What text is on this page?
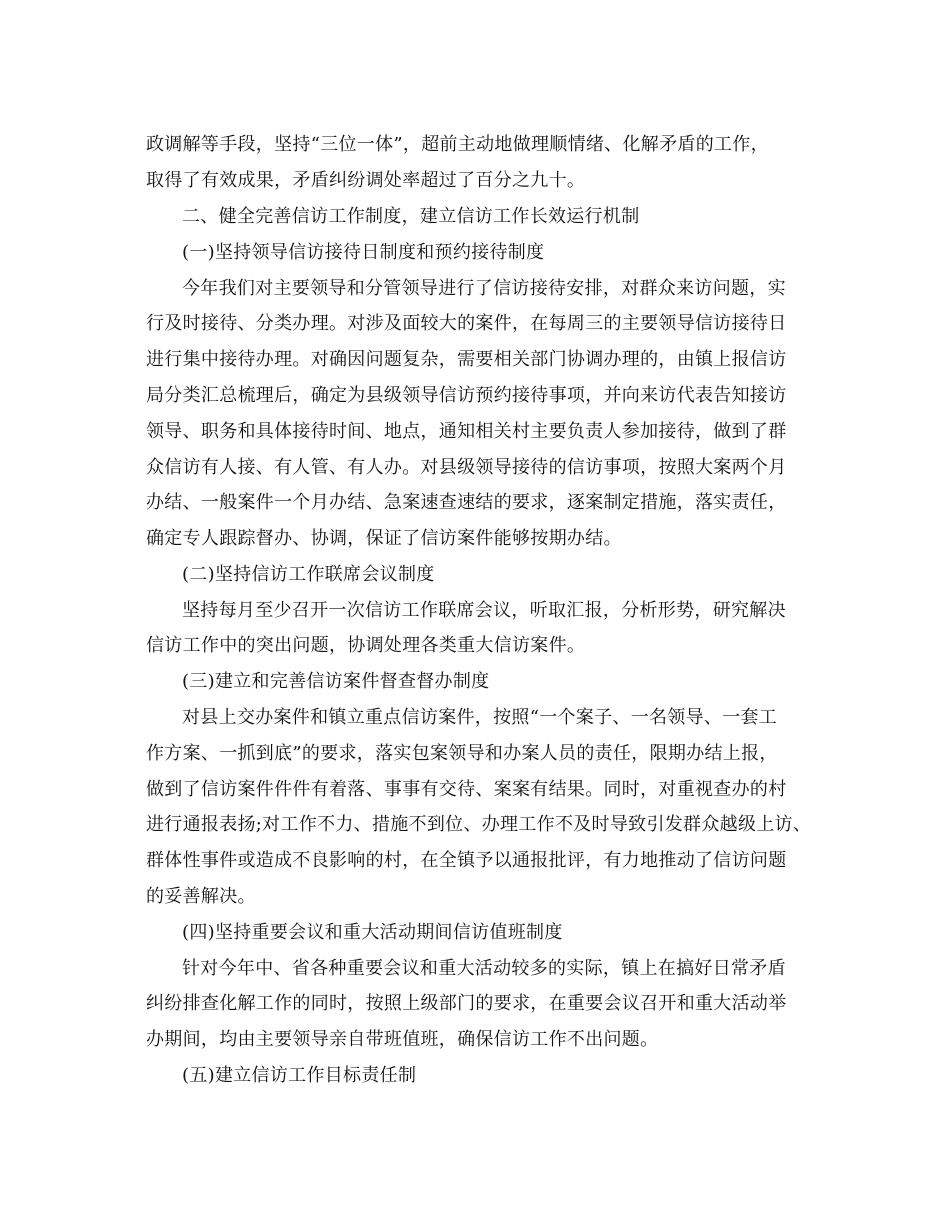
政调解等手段，坚持“三位一体”，超前主动地做理顺情绪、化解矛盾的工作，
取得了有效成果，矛盾纠纷调处率超过了百分之九十。
二、健全完善信访工作制度，建立信访工作长效运行机制
(一)坚持领导信访接待日制度和预约接待制度
今年我们对主要领导和分管领导进行了信访接待安排，对群众来访问题，实
行及时接待、分类办理。对涉及面较大的案件，在每周三的主要领导信访接待日
进行集中接待办理。对确因问题复杂，需要相关部门协调办理的，由镇上报信访
局分类汇总梳理后，确定为县级领导信访预约接待事项，并向来访代表告知接访
领导、职务和具体接待时间、地点，通知相关村主要负责人参加接待，做到了群
众信访有人接、有人管、有人办。对县级领导接待的信访事项，按照大案两个月
办结、一般案件一个月办结、急案速查速结的要求，逐案制定措施，落实责任，
确定专人跟踪督办、协调，保证了信访案件能够按期办结。
(二)坚持信访工作联席会议制度
坚持每月至少召开一次信访工作联席会议，听取汇报，分析形势，研究解决
信访工作中的突出问题，协调处理各类重大信访案件。
(三)建立和完善信访案件督查督办制度
对县上交办案件和镇立重点信访案件，按照“一个案子、一名领导、一套工
作方案、一抓到底”的要求，落实包案领导和办案人员的责任，限期办结上报，
做到了信访案件件件有着落、事事有交待、案案有结果。同时，对重视查办的村
进行通报表扬;对工作不力、措施不到位、办理工作不及时导致引发群众越级上访、
群体性事件或造成不良影响的村，在全镇予以通报批评，有力地推动了信访问题
的妥善解决。
(四)坚持重要会议和重大活动期间信访值班制度
针对今年中、省各种重要会议和重大活动较多的实际，镇上在搞好日常矛盾
纠纷排查化解工作的同时，按照上级部门的要求，在重要会议召开和重大活动举
办期间，均由主要领导亲自带班值班，确保信访工作不出问题。
(五)建立信访工作目标责任制
